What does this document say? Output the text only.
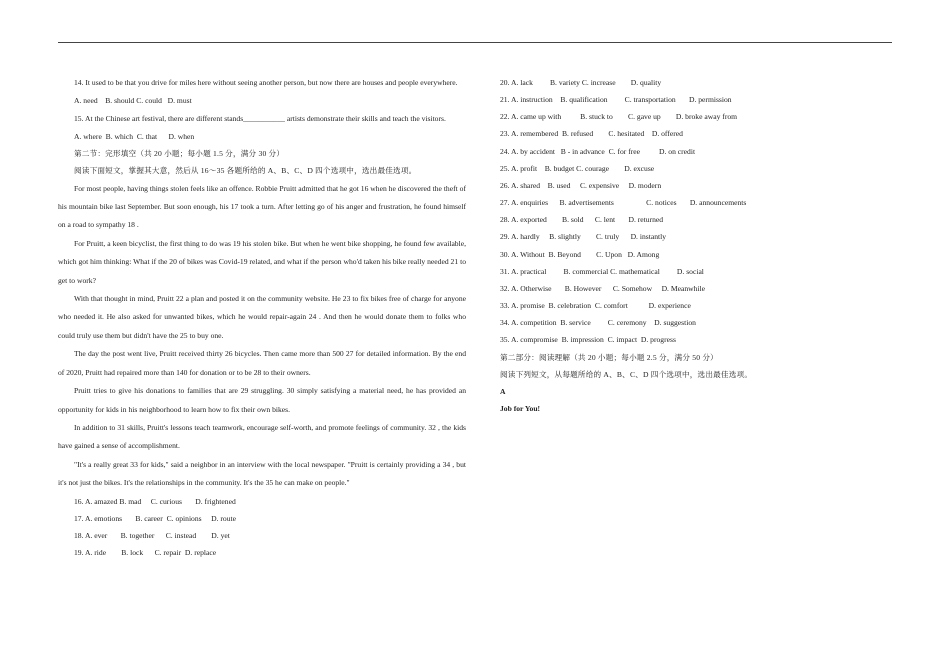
14. It used to be that you drive for miles here without seeing another person, but now there are houses and people everywhere.

A. need    B. should C. could   D. must

15. At the Chinese art festival, there are different stands___________ artists demonstrate their skills and teach the visitors.

A. where  B. which  C. that      D. when

第二节：完形填空（共 20 小题；每小题 1.5 分，满分 30 分）

阅读下面短文，掌握其大意，然后从 16～35 各题所给的 A、B、C、D 四个选项中，选出最佳选项。

For most people, having things stolen feels like an offence. Robbie Pruitt admitted that he got 16 when he discovered the theft of his mountain bike last September. But soon enough, his 17 took a turn. After letting go of his anger and frustration, he found himself on a road to sympathy 18 .

For Pruitt, a keen bicyclist, the first thing to do was 19 his stolen bike. But when he went bike shopping, he found few available, which got him thinking: What if the 20 of bikes was Covid-19 related, and what if the person who'd taken his bike really needed 21 to get to work?

With that thought in mind, Pruitt 22 a plan and posted it on the community website. He 23 to fix bikes free of charge for anyone who needed it. He also asked for unwanted bikes, which he would repair-again 24 . And then he would donate them to folks who could truly use them but didn't have the 25 to buy one.

The day the post went live, Pruitt received thirty 26 bicycles. Then came more than 500 27 for detailed information. By the end of 2020, Pruitt had repaired more than 140 for donation or to be 28 to their owners.

Pruitt tries to give his donations to families that are 29 struggling. 30 simply satisfying a material need, he has provided an opportunity for kids in his neighborhood to learn how to fix their own bikes.

In addition to 31 skills, Pruitt's lessons teach teamwork, encourage self-worth, and promote feelings of community. 32 , the kids have gained a sense of accomplishment.

"It's a really great 33 for kids," said a neighbor in an interview with the local newspaper. "Pruitt is certainly providing a 34 , but it's not just the bikes. It's the relationships in the community. It's the 35 he can make on people."

16. A. amazed B. mad     C. curious       D. frightened

17. A. emotions       B. career  C. opinions     D. route

18. A. ever       B. together      C. instead        D. yet

19. A. ride        B. lock      C. repair  D. replace

20. A. lack         B. variety C. increase        D. quality

21. A. instruction    B. qualification         C. transportation       D. permission

22. A. came up with          B. stuck to        C. gave up        D. broke away from

23. A. remembered  B. refused        C. hesitated    D. offered

24. A. by accident   B - in advance  C. for free          D. on credit

25. A. profit    B. budget C. courage        D. excuse

26. A. shared    B. used     C. expensive     D. modern

27. A. enquiries      B. advertisements                 C. notices       D. announcements

28. A. exported        B. sold      C. lent       D. returned

29. A. hardly     B. slightly        C. truly      D. instantly

30. A. Without  B. Beyond        C. Upon   D. Among

31. A. practical         B. commercial C. mathematical         D. social

32. A. Otherwise       B. However      C. Somehow     D. Meanwhile

33. A. promise  B. celebration  C. comfort           D. experience

34. A. competition  B. service         C. ceremony    D. suggestion

35. A. compromise  B. impression  C. impact  D. progress

第二部分：阅读理解（共 20 小题；每小题 2.5 分，满分 50 分）

阅读下列短文，从每题所给的 A、B、C、D 四个选项中，选出最佳选项。

A

Job for You!
